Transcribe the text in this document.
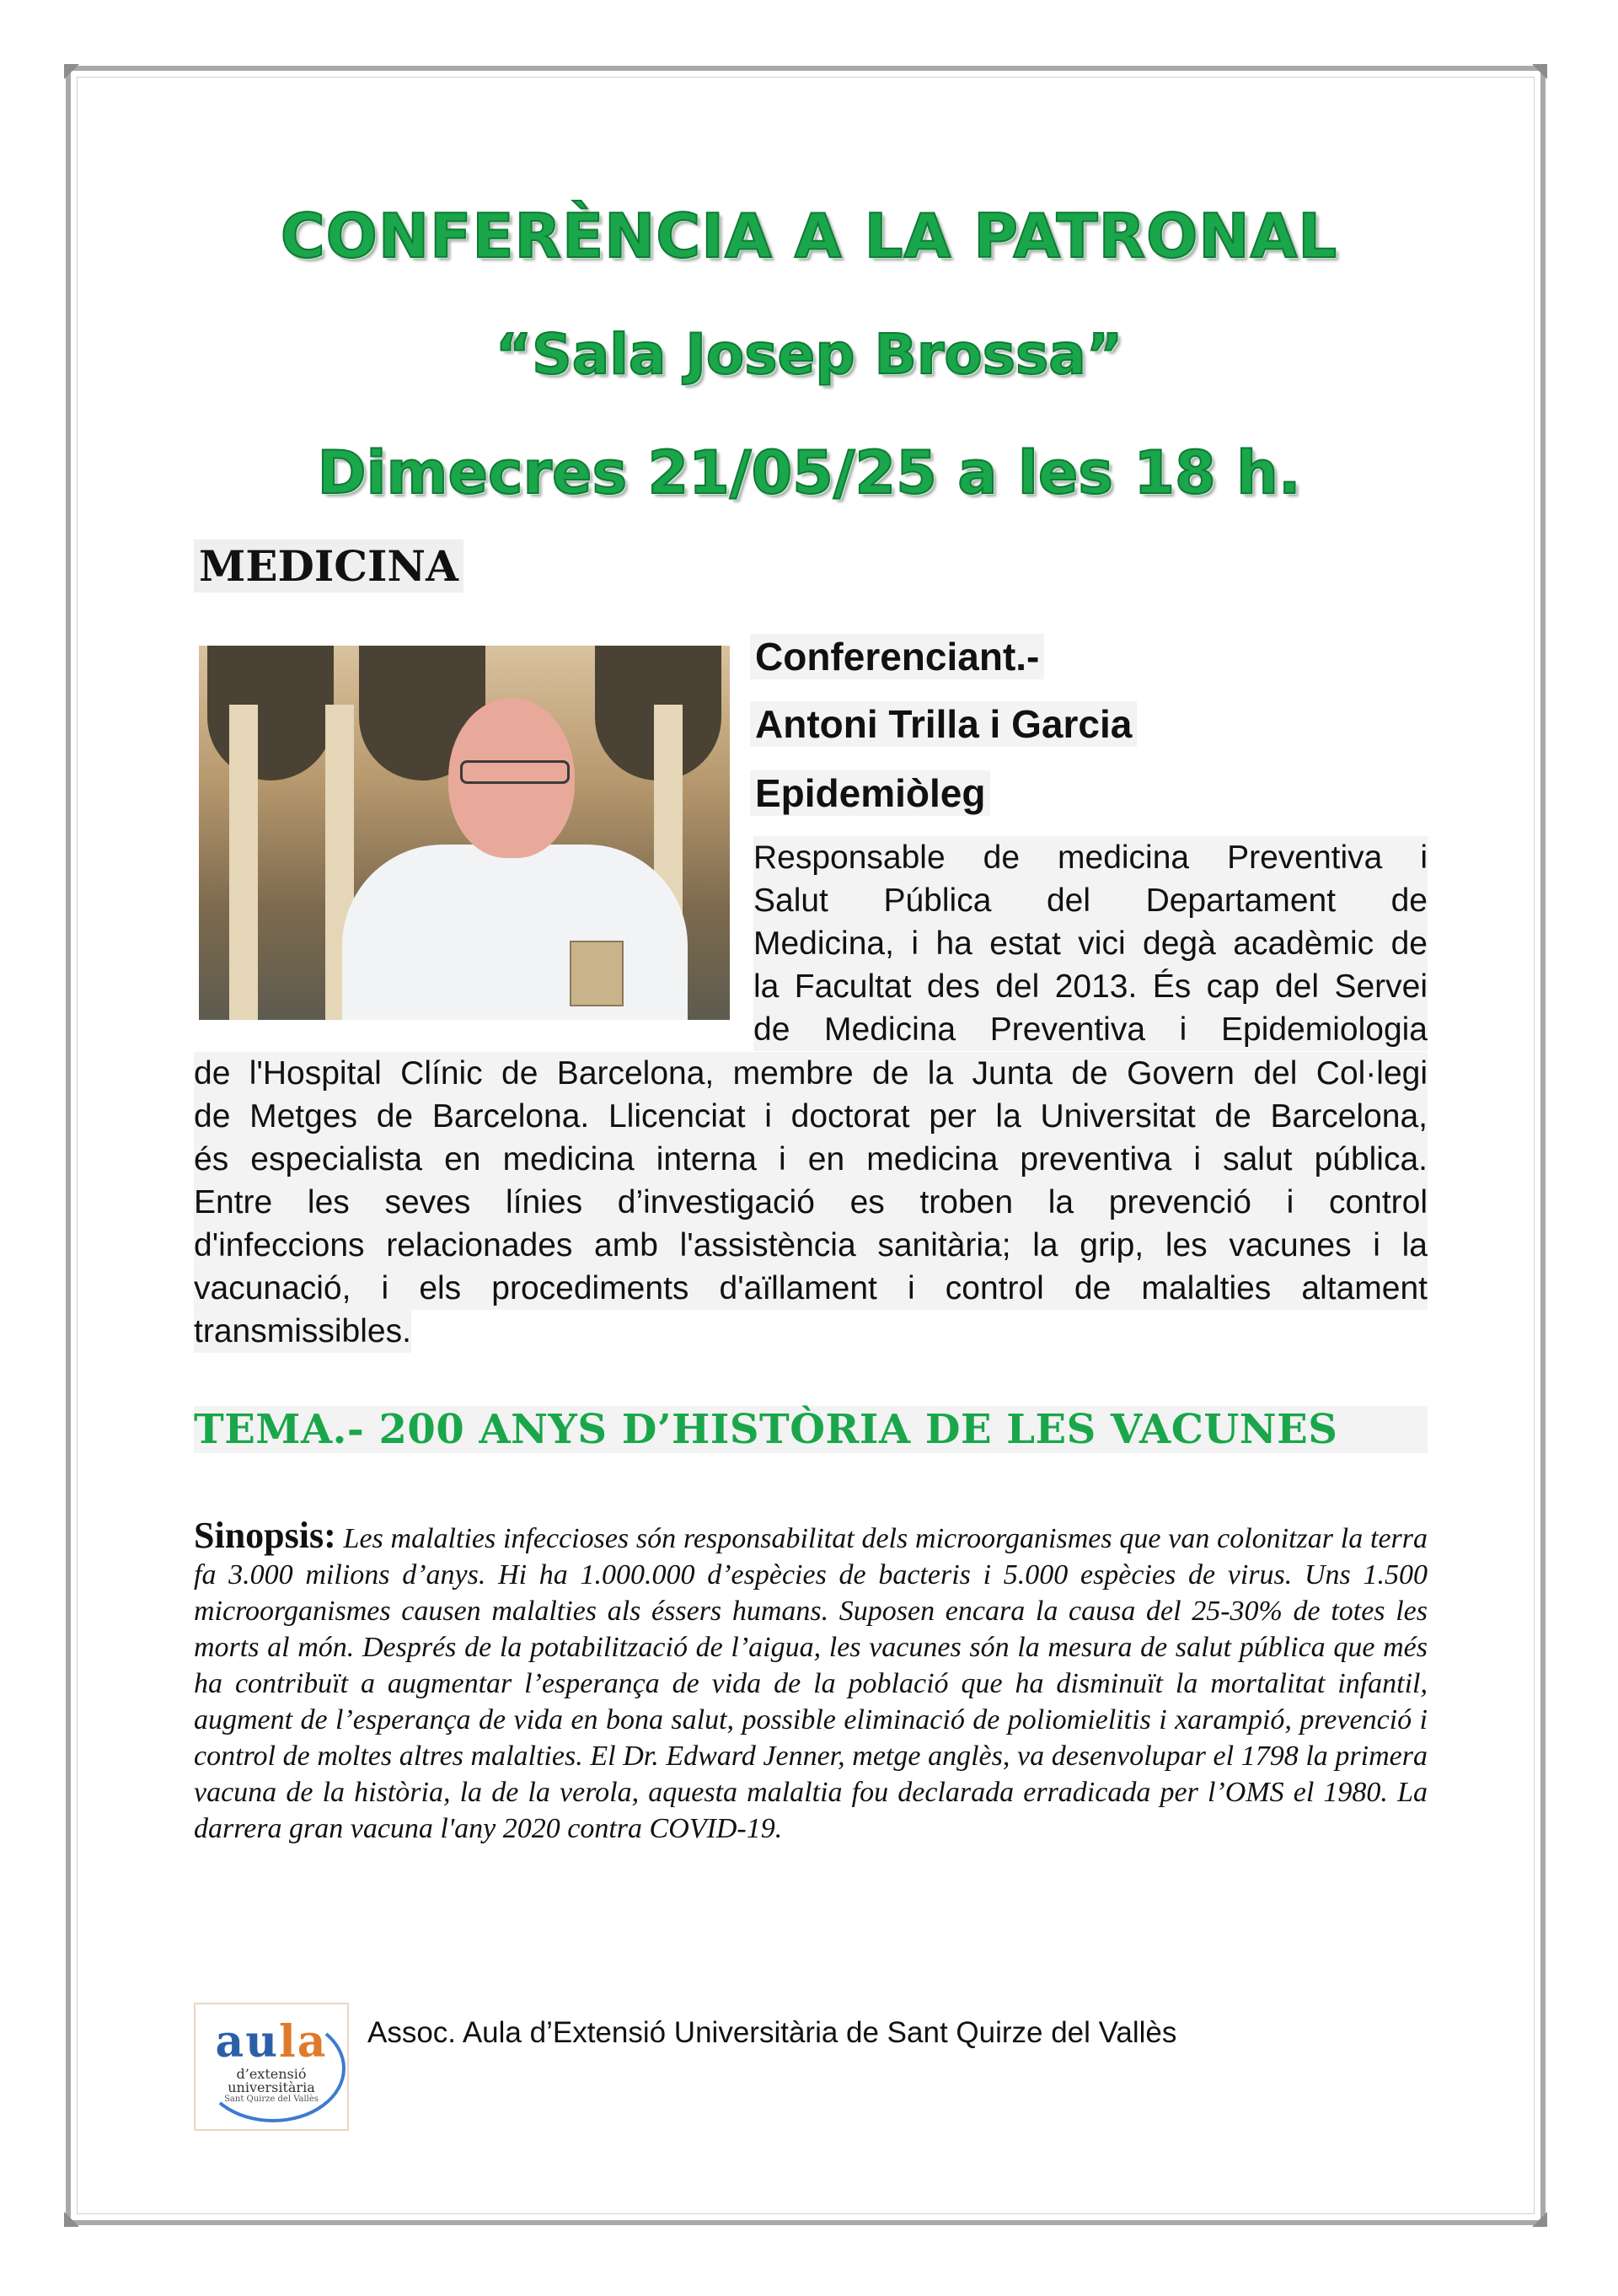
CONFERÈNCIA A LA PATRONAL
“Sala Josep Brossa”
Dimecres 21/05/25 a les 18 h.
MEDICINA
Conferenciant.-
Antoni Trilla i Garcia
Epidemiòleg
Responsable de medicina Preventiva i
Salut Pública del Departament de
Medicina, i ha estat vici degà acadèmic de
la Facultat des del 2013. És cap del Servei
de Medicina Preventiva i Epidemiologia
de l'Hospital Clínic de Barcelona, membre de la Junta de Govern del Col·legi
de Metges de Barcelona. Llicenciat i doctorat per la Universitat de Barcelona,
és especialista en medicina interna i en medicina preventiva i salut pública.
Entre les seves línies d’investigació es troben la prevenció i control
d'infeccions relacionades amb l'assistència sanitària; la grip, les vacunes i la
vacunació, i els procediments d'aïllament i control de malalties altament
transmissibles.
TEMA.- 200 ANYS D’HISTÒRIA DE LES VACUNES
Sinopsis: Les malalties infeccioses són responsabilitat dels microorganismes que van colonitzar la terra fa 3.000 milions d’anys. Hi ha 1.000.000 d’espècies de bacteris i 5.000 espècies de virus. Uns 1.500 microorganismes causen malalties als éssers humans. Suposen encara la causa del 25-30% de totes les morts al món. Després de la potabilització de l’aigua, les vacunes són la mesura de salut pública que més ha contribuït a augmentar l’esperança de vida de la població que ha disminuït la mortalitat infantil, augment de l’esperança de vida en bona salut, possible eliminació de poliomielitis i xarampió, prevenció i control de moltes altres malalties. El Dr. Edward Jenner, metge anglès, va desenvolupar el 1798 la primera vacuna de la història, la de la verola, aquesta malaltia fou declarada erradicada per l’OMS el 1980. La darrera gran vacuna l'any 2020 contra COVID-19.
aula
d’extensió
universitària
Sant Quirze del Vallès
Assoc. Aula d’Extensió Universitària de Sant Quirze del Vallès
